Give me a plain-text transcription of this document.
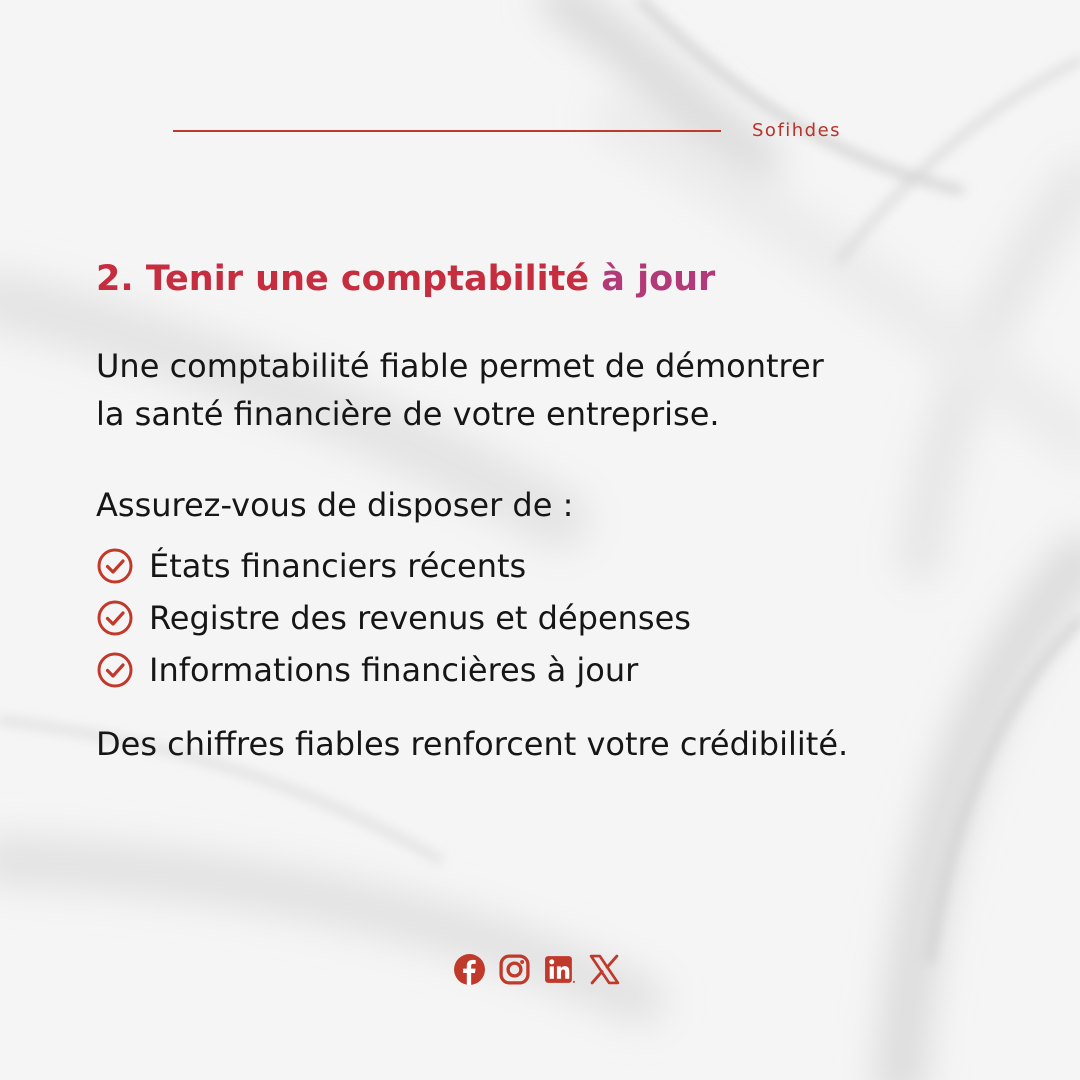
Sofihdes
2. Tenir une comptabilité à jour

Une comptabilité fiable permet de démontrer

la santé financière de votre entreprise.

Assurez-vous de disposer de :

États financiers récents
Registre des revenus et dépenses
Informations financières à jour

Des chiffres fiables renforcent votre crédibilité.
